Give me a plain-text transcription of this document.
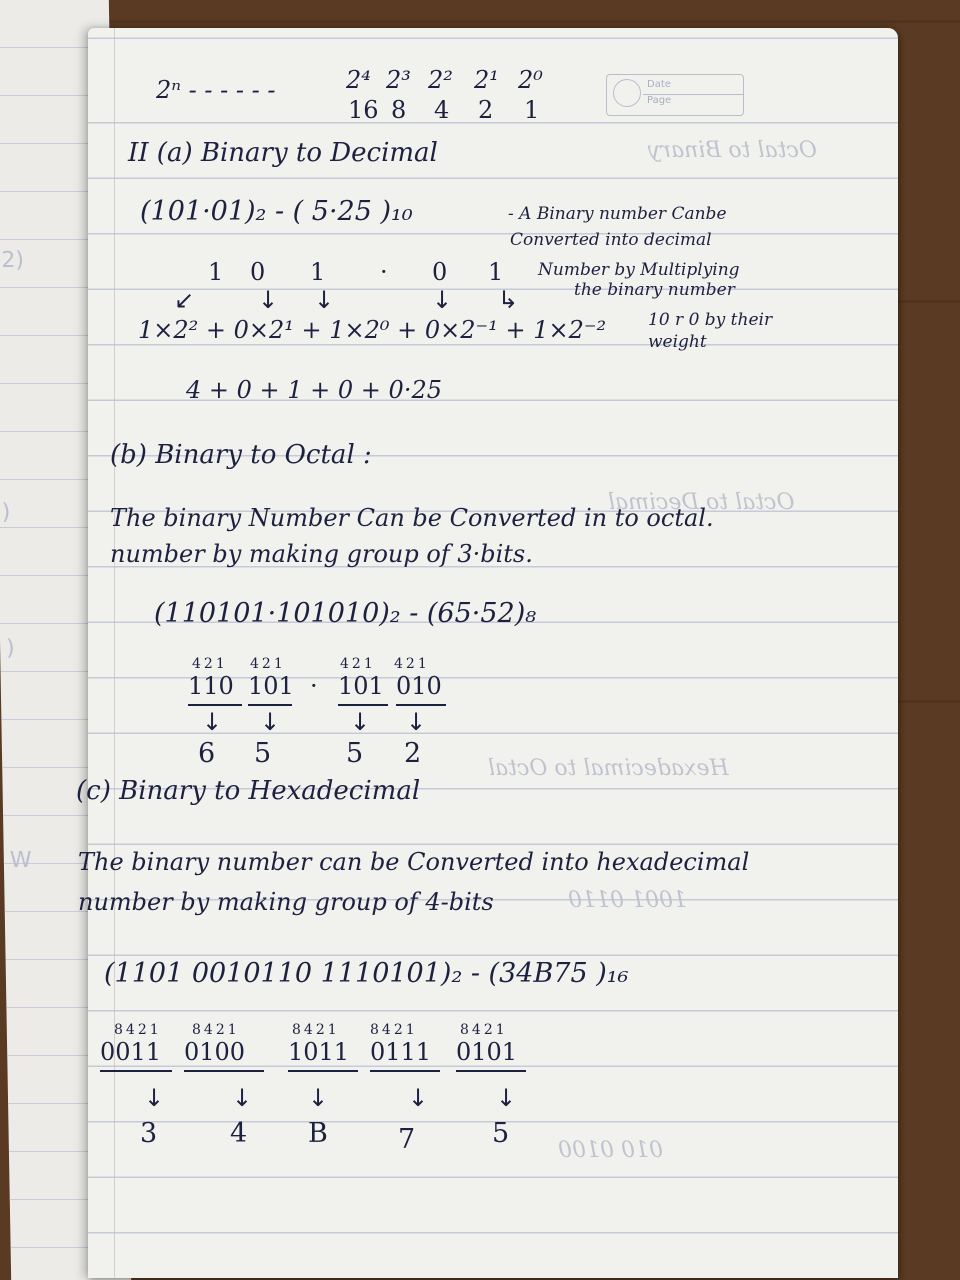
2)
)
)
W
Octal to Binary
Octal to Decimal
Hexadecimal to Octal
1001 0110
010 0100
Date
Page
2ⁿ - - - - - -	2⁴ 2³ 2² 2¹ 2⁰
16 8 4 2 1
II (a) Binary to Decimal
(101·01)₂ - ( 5·25 )₁₀	- A Binary number Canbe
Converted into decimal
Number by Multiplying
the binary number
10 r 0 by their
weight
1 0 1 · 0 1
↙	↓ ↓	↓ ↳
1×2² + 0×2¹ + 1×2⁰ + 0×2⁻¹ + 1×2⁻²
4 + 0 + 1 + 0 + 0·25
(b) Binary to Octal :
The binary Number Can be Converted in to octal.
number by making group of 3·bits.
(110101·101010)₂ - (65·52)₈
421 421	421 421
110 101 · 101 010
↓ ↓	↓ ↓
6 5	5 2
(c) Binary to Hexadecimal
The binary number can be Converted into hexadecimal
number by making group of 4-bits
(1101 0010110 1110101)₂ - (34B75 )₁₆
8421 8421	8421 8421	8421
0011 0100 1011 0111 0101
↓	↓ ↓	↓	↓
3	4 B	7	5
